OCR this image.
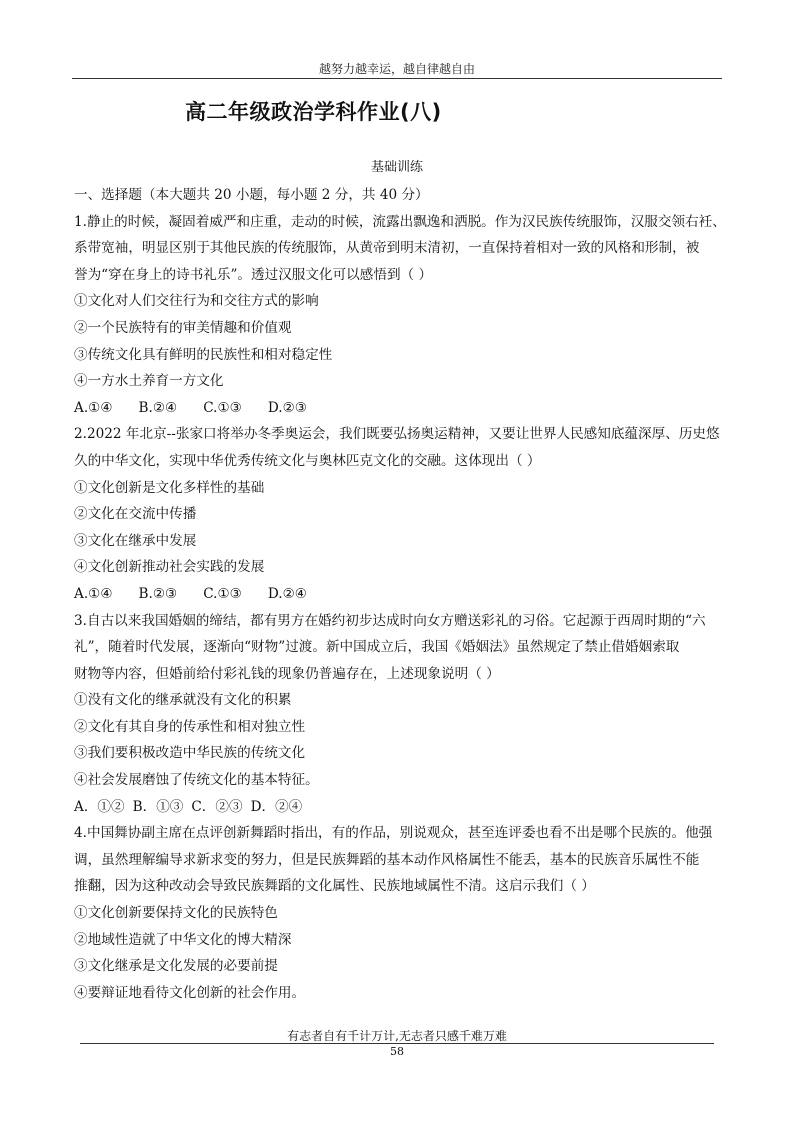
越努力越幸运，越自律越自由
高二年级政治学科作业(八)
基础训练
一、选择题（本大题共 20 小题，每小题 2 分，共 40 分）
1.静止的时候，凝固着威严和庄重，走动的时候，流露出飘逸和洒脱。作为汉民族传统服饰，汉服交领右衽、
系带宽袖，明显区别于其他民族的传统服饰，从黄帝到明末清初，一直保持着相对一致的风格和形制，被
誉为“穿在身上的诗书礼乐”。透过汉服文化可以感悟到（ ）
①文化对人们交往行为和交往方式的影响
②一个民族特有的审美情趣和价值观
③传统文化具有鲜明的民族性和相对稳定性
④一方水土养育一方文化
A.①④ B.②④ C.①③ D.②③
2.2022 年北京--张家口将举办冬季奥运会，我们既要弘扬奥运精神，又要让世界人民感知底蕴深厚、历史悠
久的中华文化，实现中华优秀传统文化与奥林匹克文化的交融。这体现出（ ）
①文化创新是文化多样性的基础
②文化在交流中传播
③文化在继承中发展
④文化创新推动社会实践的发展
A.①④ B.②③ C.①③ D.②④
3.自古以来我国婚姻的缔结，都有男方在婚约初步达成时向女方赠送彩礼的习俗。它起源于西周时期的“六
礼”，随着时代发展，逐渐向“财物”过渡。新中国成立后，我国《婚姻法》虽然规定了禁止借婚姻索取
财物等内容，但婚前给付彩礼钱的现象仍普遍存在，上述现象说明（ ）
①没有文化的继承就没有文化的积累
②文化有其自身的传承性和相对独立性
③我们要积极改造中华民族的传统文化
④社会发展磨蚀了传统文化的基本特征。
A．①② B．①③ C．②③ D．②④
4.中国舞协副主席在点评创新舞蹈时指出，有的作品，别说观众，甚至连评委也看不出是哪个民族的。他强
调，虽然理解编导求新求变的努力，但是民族舞蹈的基本动作风格属性不能丢，基本的民族音乐属性不能
推翻，因为这种改动会导致民族舞蹈的文化属性、民族地域属性不清。这启示我们（ ）
①文化创新要保持文化的民族特色
②地域性造就了中华文化的博大精深
③文化继承是文化发展的必要前提
④要辩证地看待文化创新的社会作用。
有志者自有千计万计,无志者只感千难万难
58
